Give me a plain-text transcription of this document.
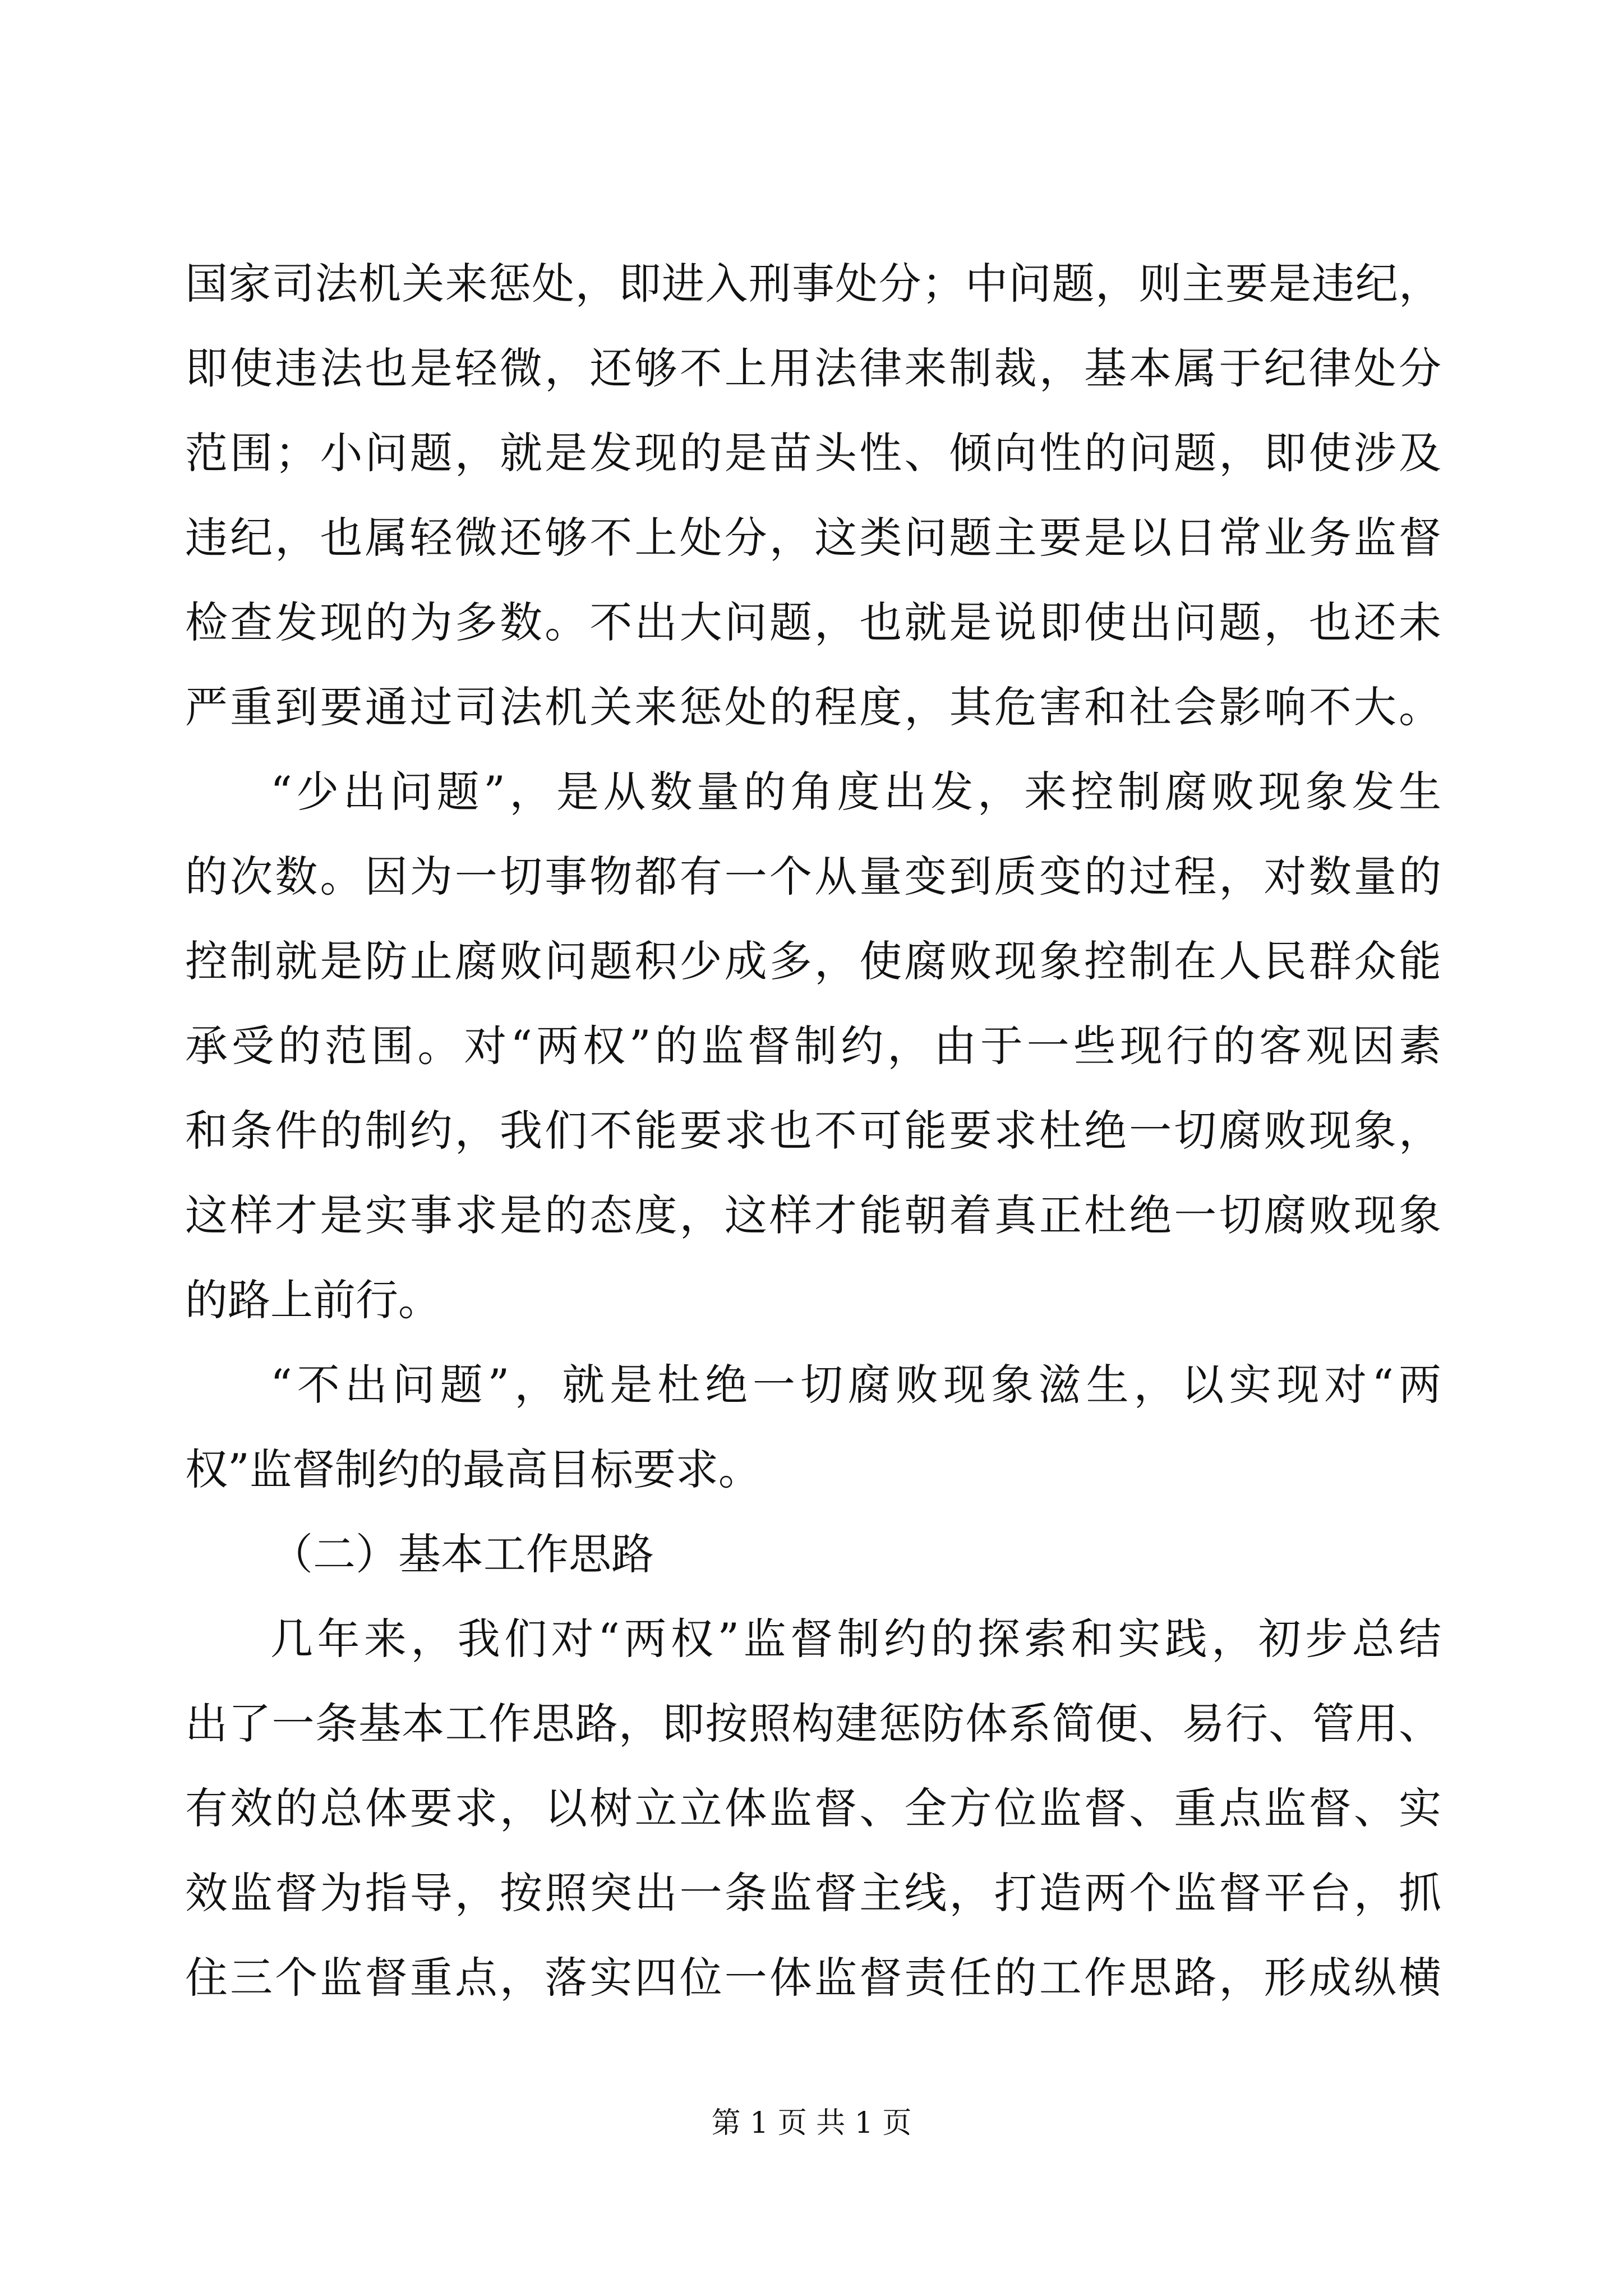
国家司法机关来惩处，即进入刑事处分；中问题，则主要是违纪，
即使违法也是轻微，还够不上用法律来制裁，基本属于纪律处分
范围；小问题，就是发现的是苗头性、倾向性的问题，即使涉及
违纪，也属轻微还够不上处分，这类问题主要是以日常业务监督
检查发现的为多数。不出大问题，也就是说即使出问题，也还未
严重到要通过司法机关来惩处的程度，其危害和社会影响不大。
“少出问题”，是从数量的角度出发，来控制腐败现象发生
的次数。因为一切事物都有一个从量变到质变的过程，对数量的
控制就是防止腐败问题积少成多，使腐败现象控制在人民群众能
承受的范围。对“两权”的监督制约，由于一些现行的客观因素
和条件的制约，我们不能要求也不可能要求杜绝一切腐败现象，
这样才是实事求是的态度，这样才能朝着真正杜绝一切腐败现象
的路上前行。
“不出问题”，就是杜绝一切腐败现象滋生，以实现对“两
权”监督制约的最高目标要求。
（二）基本工作思路
几年来，我们对“两权”监督制约的探索和实践，初步总结
出了一条基本工作思路，即按照构建惩防体系简便、易行、管用、
有效的总体要求，以树立立体监督、全方位监督、重点监督、实
效监督为指导，按照突出一条监督主线，打造两个监督平台，抓
住三个监督重点，落实四位一体监督责任的工作思路，形成纵横
第 1 页 共 1 页
